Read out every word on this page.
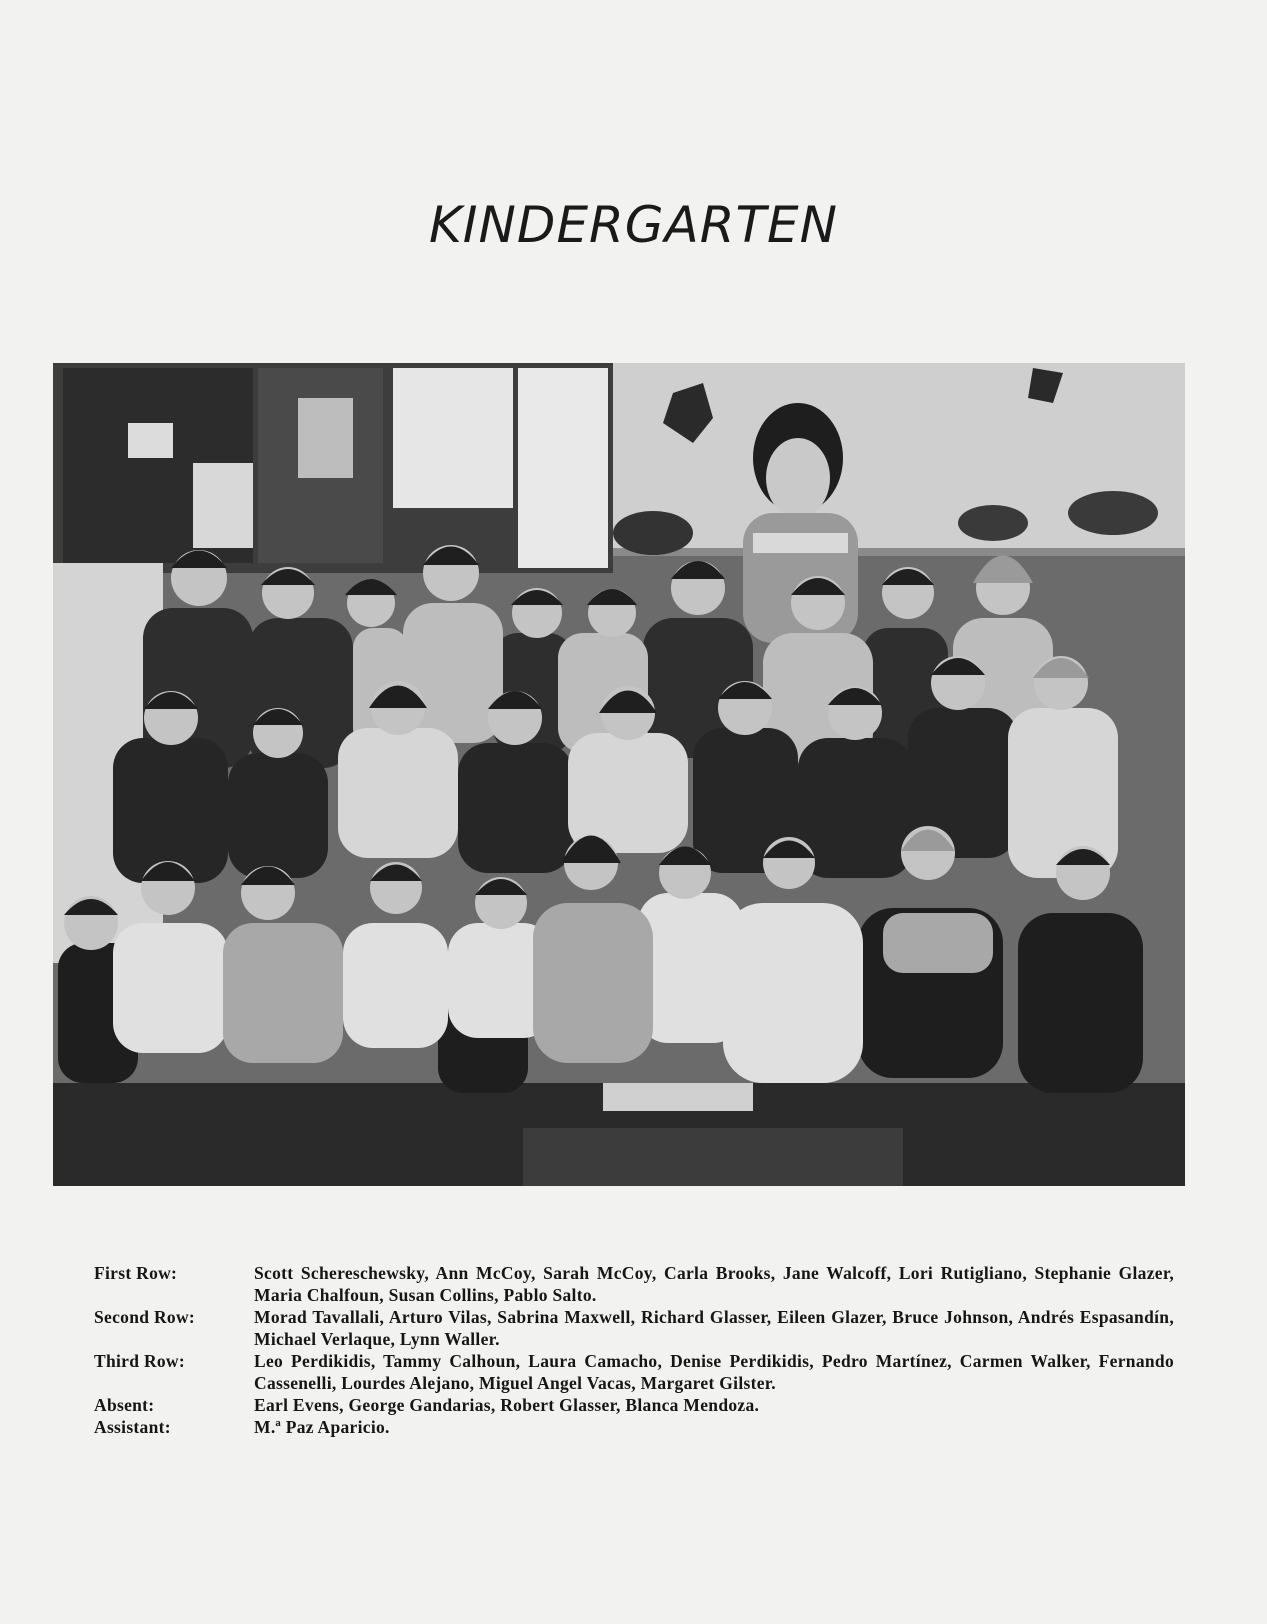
KINDERGARTEN
First Row:	Scott Schereschewsky, Ann McCoy, Sarah McCoy, Carla Brooks, Jane Walcoff, Lori Rutigliano, Stephanie Glazer, Maria Chalfoun, Susan Collins, Pablo Salto.
Second Row:	Morad Tavallali, Arturo Vilas, Sabrina Maxwell, Richard Glasser, Eileen Glazer, Bruce Johnson, Andrés Espasandín, Michael Verlaque, Lynn Waller.
Third Row:	Leo Perdikidis, Tammy Calhoun, Laura Camacho, Denise Perdikidis, Pedro Martínez, Carmen Walker, Fernando Cassenelli, Lourdes Alejano, Miguel Angel Vacas, Margaret Gilster.
Absent:	Earl Evens, George Gandarias, Robert Glasser, Blanca Mendoza.
Assistant:	M.ª Paz Aparicio.
